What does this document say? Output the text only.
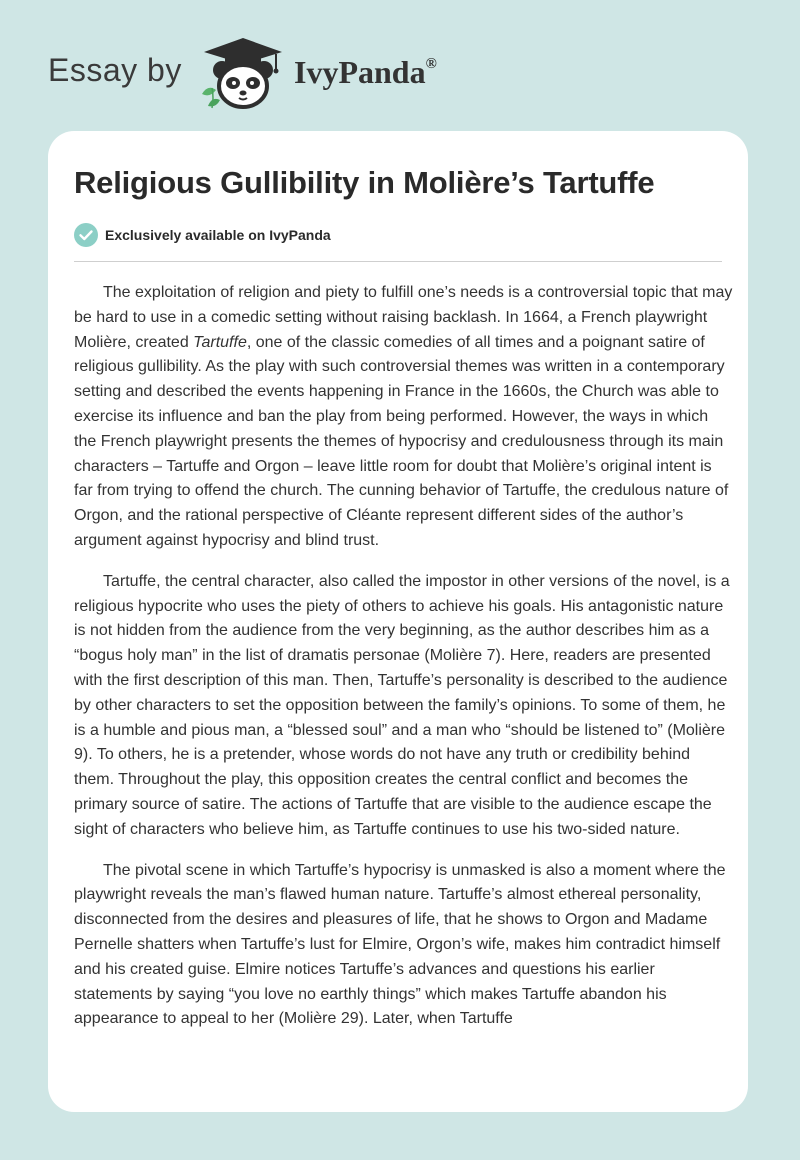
Essay by	IvyPanda®
Religious Gullibility in Molière’s Tartuffe
Exclusively available on IvyPanda

The exploitation of religion and piety to fulfill one’s needs is a controversial topic that may be hard to use in a comedic setting without raising backlash. In 1664, a French playwright Molière, created Tartuffe, one of the classic comedies of all times and a poignant satire of religious gullibility. As the play with such controversial themes was written in a contemporary setting and described the events happening in France in the 1660s, the Church was able to exercise its influence and ban the play from being performed. However, the ways in which the French playwright presents the themes of hypocrisy and credulousness through its main characters – Tartuffe and Orgon – leave little room for doubt that Molière’s original intent is far from trying to offend the church. The cunning behavior of Tartuffe, the credulous nature of Orgon, and the rational perspective of Cléante represent different sides of the author’s argument against hypocrisy and blind trust.

Tartuffe, the central character, also called the impostor in other versions of the novel, is a religious hypocrite who uses the piety of others to achieve his goals. His antagonistic nature is not hidden from the audience from the very beginning, as the author describes him as a “bogus holy man” in the list of dramatis personae (Molière 7). Here, readers are presented with the first description of this man. Then, Tartuffe’s personality is described to the audience by other characters to set the opposition between the family’s opinions. To some of them, he is a humble and pious man, a “blessed soul” and a man who “should be listened to” (Molière 9). To others, he is a pretender, whose words do not have any truth or credibility behind them. Throughout the play, this opposition creates the central conflict and becomes the primary source of satire. The actions of Tartuffe that are visible to the audience escape the sight of characters who believe him, as Tartuffe continues to use his two-sided nature.

The pivotal scene in which Tartuffe’s hypocrisy is unmasked is also a moment where the playwright reveals the man’s flawed human nature. Tartuffe’s almost ethereal personality, disconnected from the desires and pleasures of life, that he shows to Orgon and Madame Pernelle shatters when Tartuffe’s lust for Elmire, Orgon’s wife, makes him contradict himself and his created guise. Elmire notices Tartuffe’s advances and questions his earlier statements by saying “you love no earthly things” which makes Tartuffe abandon his appearance to appeal to her (Molière 29). Later, when Tartuffe
